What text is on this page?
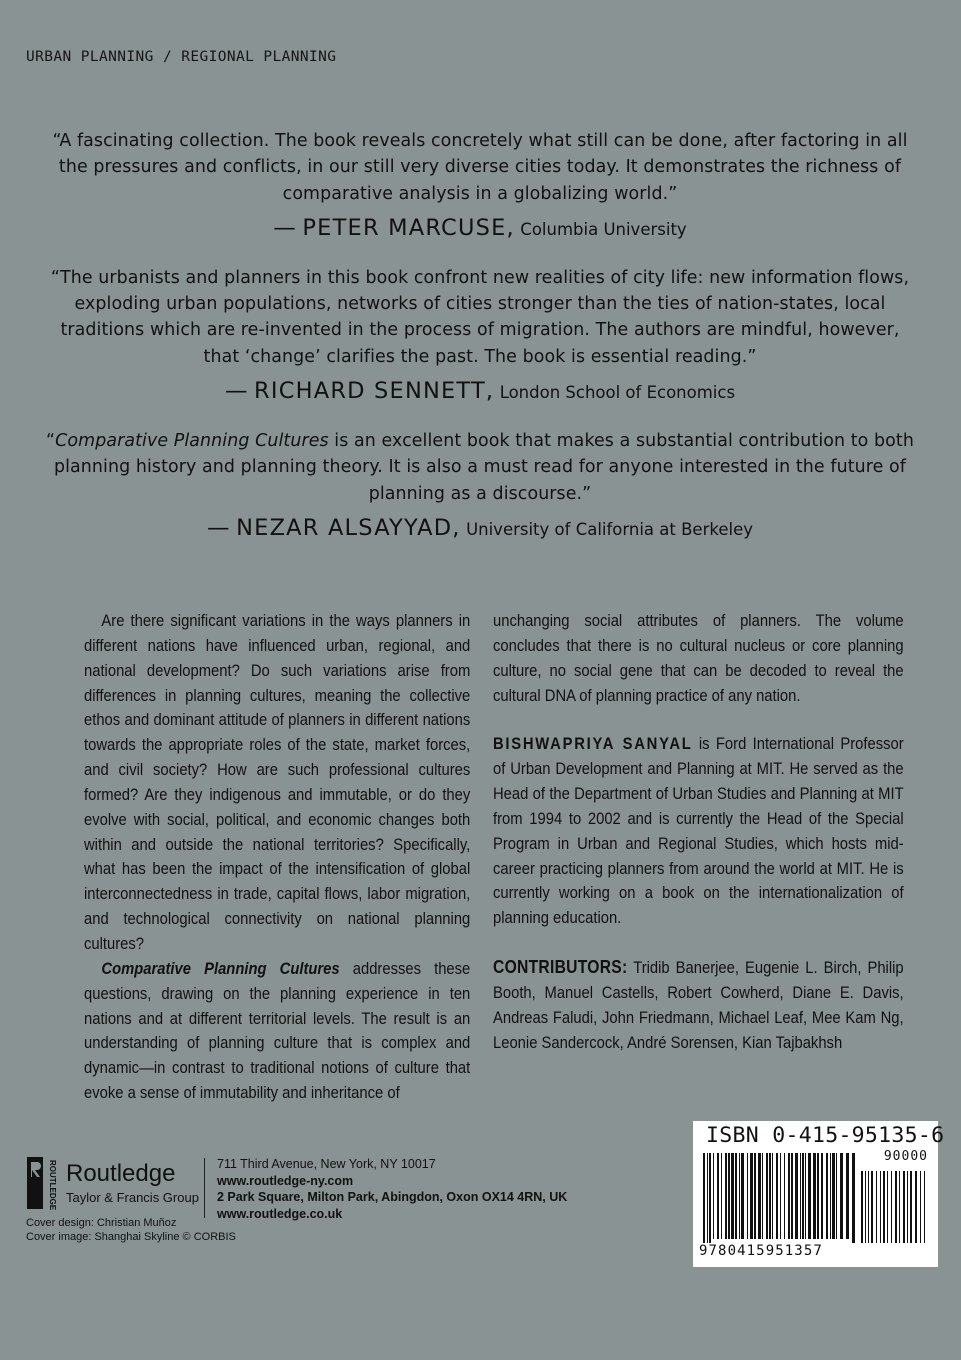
URBAN PLANNING / REGIONAL PLANNING

“A fascinating collection. The book reveals concretely what still can be done, after factoring in all the pressures and conflicts, in our still very diverse cities today. It demonstrates the richness of comparative analysis in a globalizing world.”

— PETER MARCUSE, Columbia University

“The urbanists and planners in this book confront new realities of city life: new information flows, exploding urban populations, networks of cities stronger than the ties of nation-states, local traditions which are re-invented in the process of migration. The authors are mindful, however, that ‘change’ clarifies the past. The book is essential reading.”

— RICHARD SENNETT, London School of Economics

“Comparative Planning Cultures is an excellent book that makes a substantial contribution to both planning history and planning theory. It is also a must read for anyone interested in the future of planning as a discourse.”

— NEZAR ALSAYYAD, University of California at Berkeley

Are there significant variations in the ways planners in different nations have influenced urban, regional, and national development? Do such variations arise from differences in planning cultures, meaning the collective ethos and dominant attitude of planners in different nations towards the appropriate roles of the state, market forces, and civil society? How are such professional cultures formed? Are they indigenous and immutable, or do they evolve with social, political, and economic changes both within and outside the national territories? Specifically, what has been the impact of the intensification of global interconnectedness in trade, capital flows, labor migration, and technological connectivity on national planning cultures?

Comparative Planning Cultures addresses these questions, drawing on the planning experience in ten nations and at different territorial levels. The result is an understanding of planning culture that is complex and dynamic—in contrast to traditional notions of culture that evoke a sense of immutability and inheritance of

unchanging social attributes of planners. The volume concludes that there is no cultural nucleus or core planning culture, no social gene that can be decoded to reveal the cultural DNA of planning practice of any nation.

BISHWAPRIYA SANYAL is Ford International Professor of Urban Development and Planning at MIT. He served as the Head of the Department of Urban Studies and Planning at MIT from 1994 to 2002 and is currently the Head of the Special Program in Urban and Regional Studies, which hosts mid-career practicing planners from around the world at MIT. He is currently working on a book on the internationalization of planning education.

CONTRIBUTORS: Tridib Banerjee, Eugenie L. Birch, Philip Booth, Manuel Castells, Robert Cowherd, Diane E. Davis, Andreas Faludi, John Friedmann, Michael Leaf, Mee Kam Ng, Leonie Sandercock, André Sorensen, Kian Tajbakhsh

ROUTLEDGE Routledge
Taylor & Francis Group
711 Third Avenue, New York, NY 10017
www.routledge-ny.com
2 Park Square, Milton Park, Abingdon, Oxon OX14 4RN, UK
www.routledge.co.uk
Cover design: Christian Muñoz
Cover image: Shanghai Skyline © CORBIS
ISBN 0-415-95135-6
90000
9780415951357
